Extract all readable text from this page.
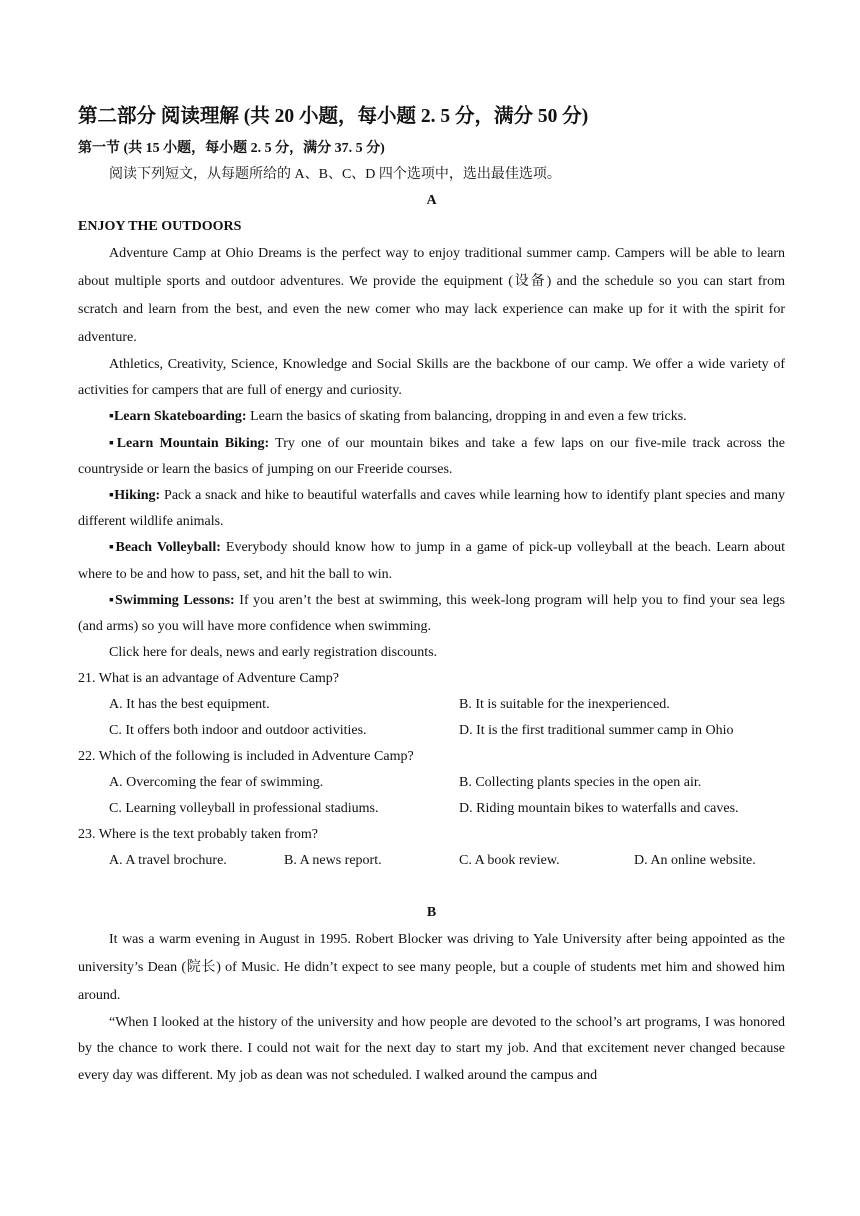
第二部分 阅读理解 (共 20 小题，每小题 2. 5 分，满分 50 分)
第一节 (共 15 小题，每小题 2. 5 分，满分 37. 5 分)
阅读下列短文，从每题所给的 A、B、C、D 四个选项中，选出最佳选项。
A
ENJOY THE OUTDOORS
Adventure Camp at Ohio Dreams is the perfect way to enjoy traditional summer camp. Campers will be able to learn about multiple sports and outdoor adventures. We provide the equipment (设备) and the schedule so you can start from scratch and learn from the best, and even the new comer who may lack experience can make up for it with the spirit for adventure.
Athletics, Creativity, Science, Knowledge and Social Skills are the backbone of our camp. We offer a wide variety of activities for campers that are full of energy and curiosity.
▪Learn Skateboarding: Learn the basics of skating from balancing, dropping in and even a few tricks.
▪Learn Mountain Biking: Try one of our mountain bikes and take a few laps on our five-mile track across the countryside or learn the basics of jumping on our Freeride courses.
▪Hiking: Pack a snack and hike to beautiful waterfalls and caves while learning how to identify plant species and many different wildlife animals.
▪Beach Volleyball: Everybody should know how to jump in a game of pick-up volleyball at the beach. Learn about where to be and how to pass, set, and hit the ball to win.
▪Swimming Lessons: If you aren’t the best at swimming, this week-long program will help you to find your sea legs (and arms) so you will have more confidence when swimming.
Click here for deals, news and early registration discounts.
21. What is an advantage of Adventure Camp?
A. It has the best equipment.	B. It is suitable for the inexperienced.
C. It offers both indoor and outdoor activities.	D. It is the first traditional summer camp in Ohio
22. Which of the following is included in Adventure Camp?
A. Overcoming the fear of swimming.	B. Collecting plants species in the open air.
C. Learning volleyball in professional stadiums.	D. Riding mountain bikes to waterfalls and caves.
23. Where is the text probably taken from?
A. A travel brochure.	B. A news report.	C. A book review.	D. An online website.
B
It was a warm evening in August in 1995. Robert Blocker was driving to Yale University after being appointed as the university’s Dean (院长) of Music. He didn’t expect to see many people, but a couple of students met him and showed him around.
“When I looked at the history of the university and how people are devoted to the school’s art programs, I was honored by the chance to work there. I could not wait for the next day to start my job. And that excitement never changed because every day was different. My job as dean was not scheduled. I walked around the campus and
